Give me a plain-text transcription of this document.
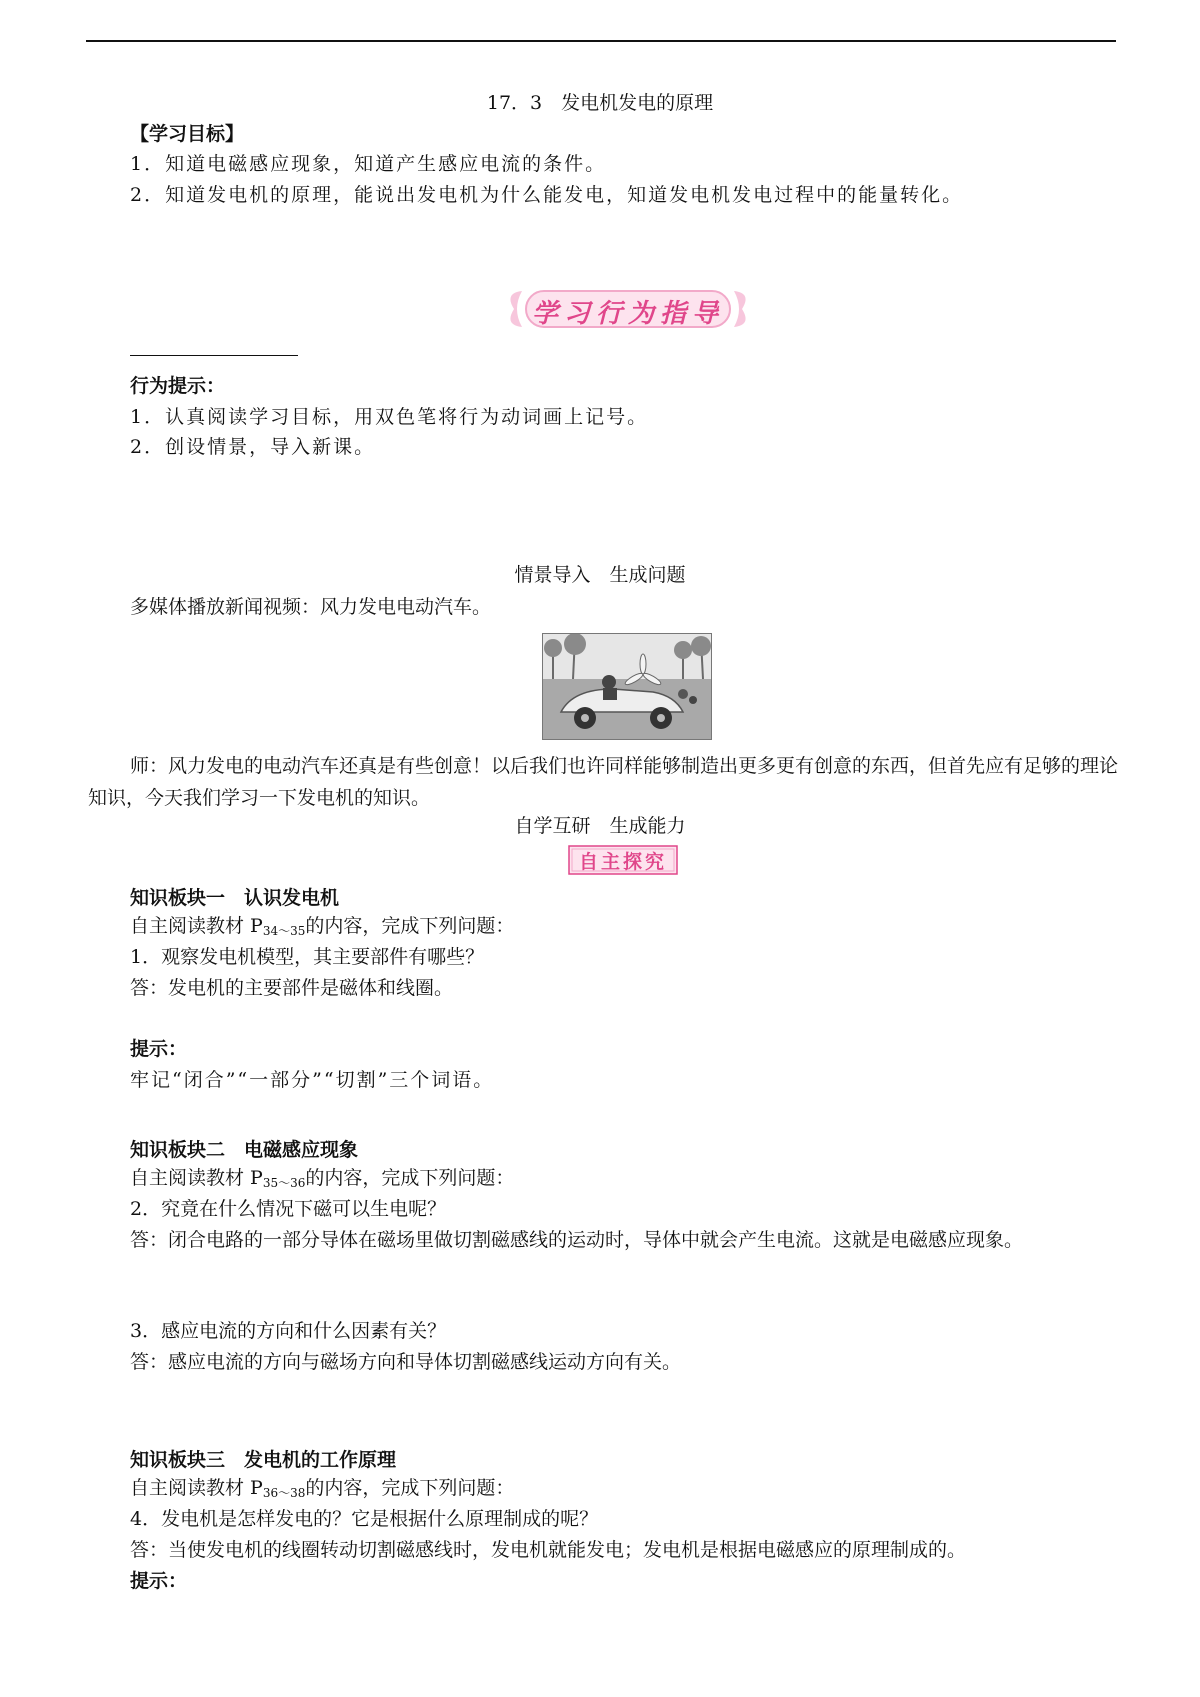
17．3　发电机发电的原理
【学习目标】
1．知道电磁感应现象，知道产生感应电流的条件。
2．知道发电机的原理，能说出发电机为什么能发电，知道发电机发电过程中的能量转化。
学习行为指导
行为提示：
1．认真阅读学习目标，用双色笔将行为动词画上记号。
2．创设情景，导入新课。
情景导入　生成问题
多媒体播放新闻视频：风力发电电动汽车。
师：风力发电的电动汽车还真是有些创意！以后我们也许同样能够制造出更多更有创意的东西，但首先应有足够的理论知识，今天我们学习一下发电机的知识。
自学互研　生成能力
自主探究
知识板块一　认识发电机
自主阅读教材 $P_{34\sim 35}$的内容，完成下列问题：
1．观察发电机模型，其主要部件有哪些？
答：发电机的主要部件是磁体和线圈。
提示：
牢记“闭合”“一部分”“切割”三个词语。
知识板块二　电磁感应现象
自主阅读教材 $P_{35\sim 36}$的内容，完成下列问题：
2．究竟在什么情况下磁可以生电呢？
答：闭合电路的一部分导体在磁场里做切割磁感线的运动时，导体中就会产生电流。这就是电磁感应现象。
3．感应电流的方向和什么因素有关？
答：感应电流的方向与磁场方向和导体切割磁感线运动方向有关。
知识板块三　发电机的工作原理
自主阅读教材 $P_{36\sim 38}$的内容，完成下列问题：
4．发电机是怎样发电的？它是根据什么原理制成的呢？
答：当使发电机的线圈转动切割磁感线时，发电机就能发电；发电机是根据电磁感应的原理制成的。
提示：
